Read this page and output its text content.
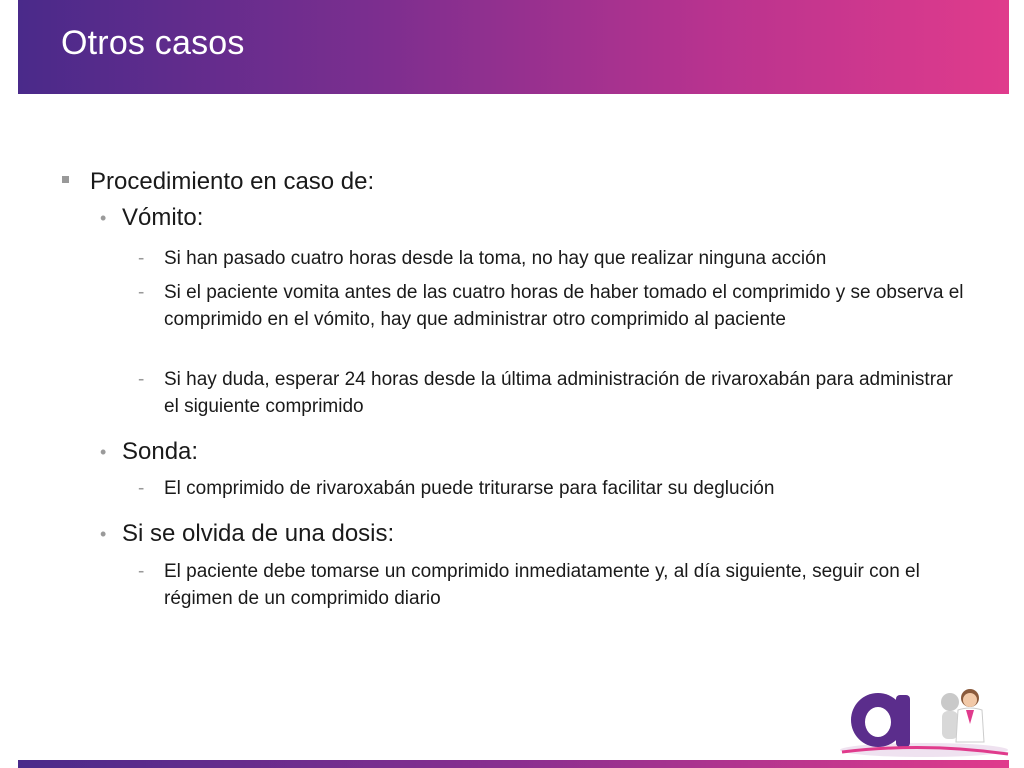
Otros casos
Procedimiento en caso de:
• Vómito:
- Si han pasado cuatro horas desde la toma, no hay que realizar ninguna acción
- Si el paciente vomita antes de las cuatro horas de haber tomado el comprimido y se observa el comprimido en el vómito, hay que administrar otro comprimido al paciente
- Si hay duda, esperar 24 horas desde la última administración de rivaroxabán para administrar el siguiente comprimido
• Sonda:
- El comprimido de rivaroxabán puede triturarse para facilitar su deglución
• Si se olvida de una dosis:
- El paciente debe tomarse un comprimido inmediatamente y, al día siguiente, seguir con el régimen de un comprimido diario
